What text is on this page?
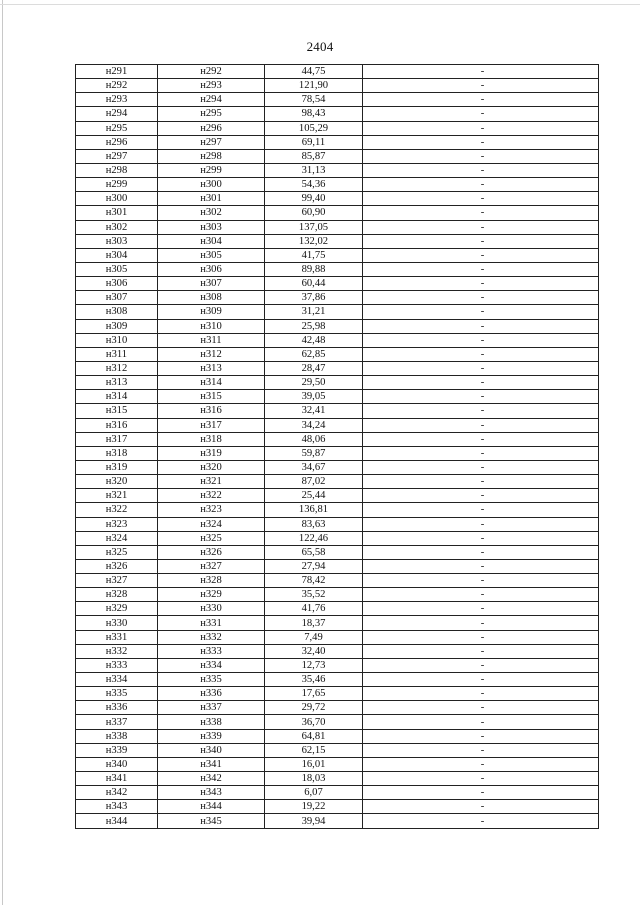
2404
н291	н292	44,75	-
н292	н293	121,90	-
н293	н294	78,54	-
н294	н295	98,43	-
н295	н296	105,29	-
н296	н297	69,11	-
н297	н298	85,87	-
н298	н299	31,13	-
н299	н300	54,36	-
н300	н301	99,40	-
н301	н302	60,90	-
н302	н303	137,05	-
н303	н304	132,02	-
н304	н305	41,75	-
н305	н306	89,88	-
н306	н307	60,44	-
н307	н308	37,86	-
н308	н309	31,21	-
н309	н310	25,98	-
н310	н311	42,48	-
н311	н312	62,85	-
н312	н313	28,47	-
н313	н314	29,50	-
н314	н315	39,05	-
н315	н316	32,41	-
н316	н317	34,24	-
н317	н318	48,06	-
н318	н319	59,87	-
н319	н320	34,67	-
н320	н321	87,02	-
н321	н322	25,44	-
н322	н323	136,81	-
н323	н324	83,63	-
н324	н325	122,46	-
н325	н326	65,58	-
н326	н327	27,94	-
н327	н328	78,42	-
н328	н329	35,52	-
н329	н330	41,76	-
н330	н331	18,37	-
н331	н332	7,49	-
н332	н333	32,40	-
н333	н334	12,73	-
н334	н335	35,46	-
н335	н336	17,65	-
н336	н337	29,72	-
н337	н338	36,70	-
н338	н339	64,81	-
н339	н340	62,15	-
н340	н341	16,01	-
н341	н342	18,03	-
н342	н343	6,07	-
н343	н344	19,22	-
н344	н345	39,94	-
